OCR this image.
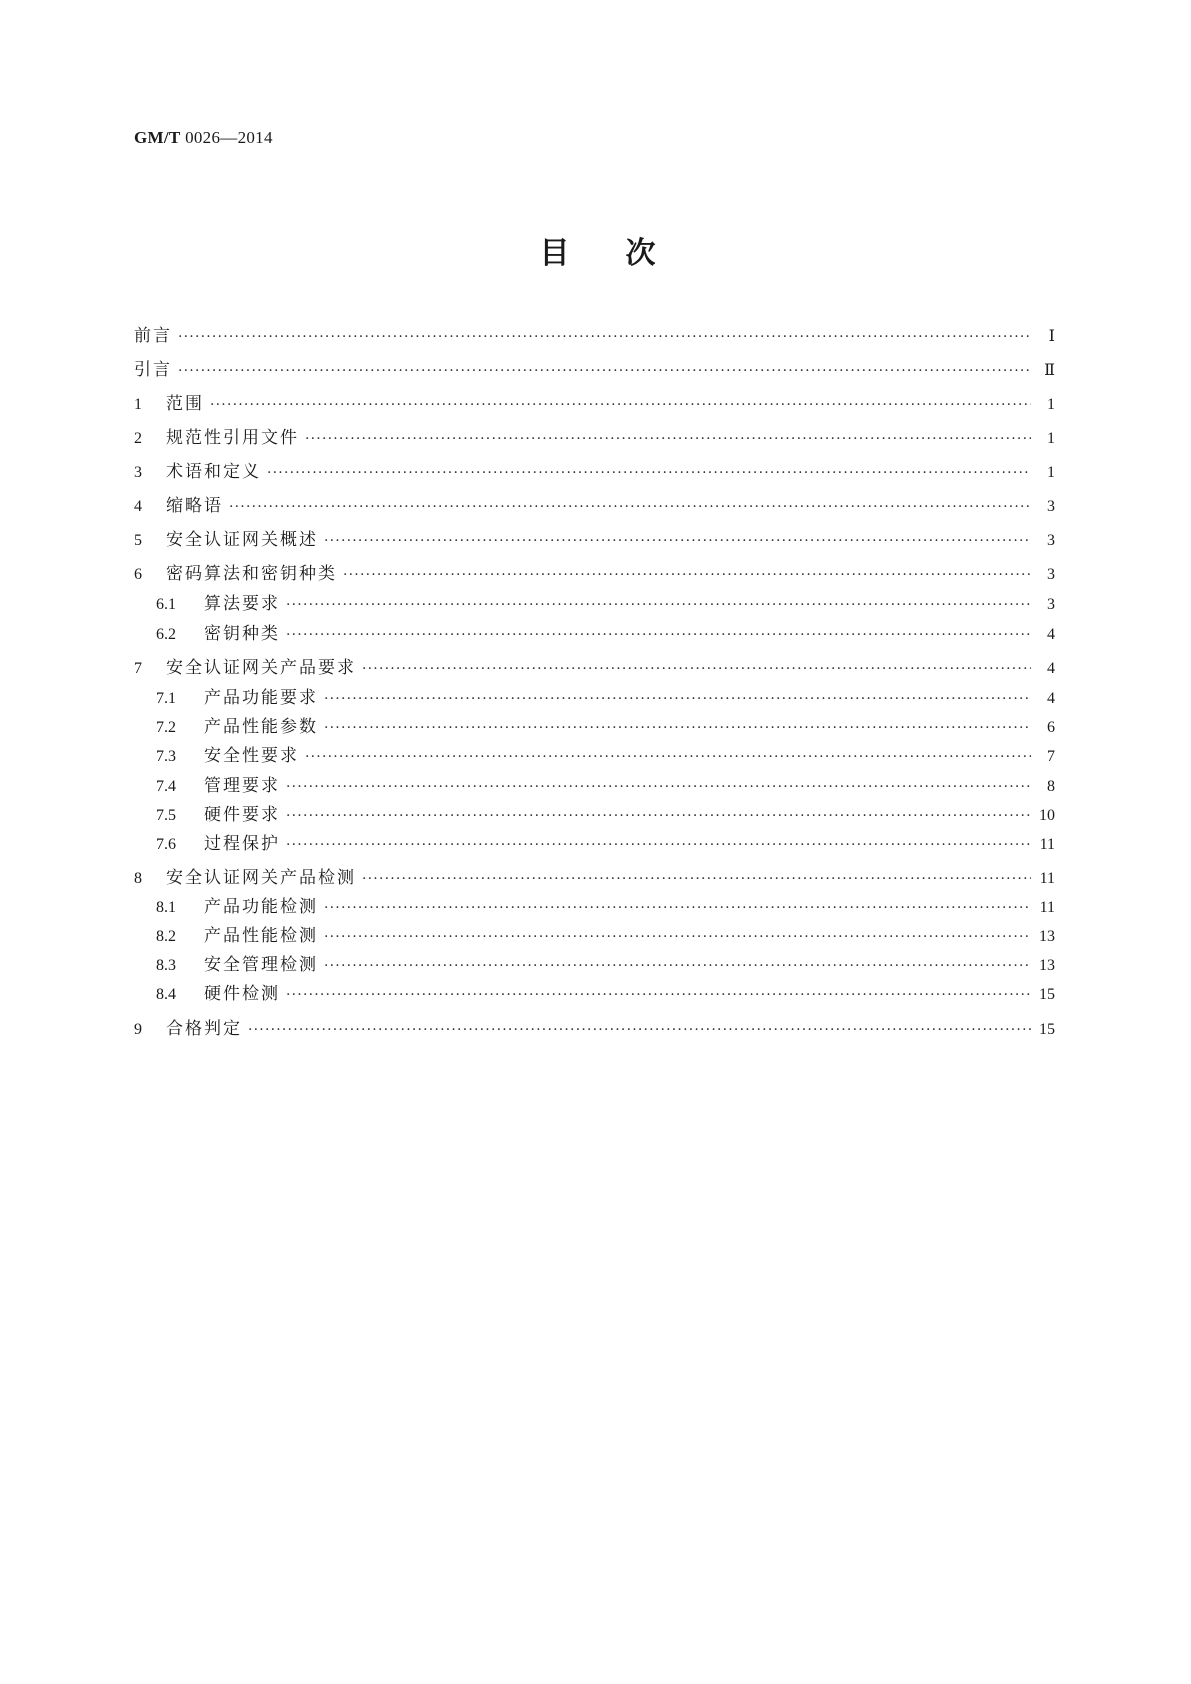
GM/T 0026—2014
目次
前言 ·····	Ⅰ
引言 ·····	Ⅱ
1	范围 ·····	1
2	规范性引用文件 ·····	1
3	术语和定义 ·····	1
4	缩略语 ·····	3
5	安全认证网关概述 ·····	3
6	密码算法和密钥种类 ·····	3
6.1	算法要求 ·····	3
6.2	密钥种类 ·····	4
7	安全认证网关产品要求 ·····	4
7.1	产品功能要求 ·····	4
7.2	产品性能参数 ·····	6
7.3	安全性要求 ·····	7
7.4	管理要求 ·····	8
7.5	硬件要求 ·····	10
7.6	过程保护 ·····	11
8	安全认证网关产品检测 ·····	11
8.1	产品功能检测 ·····	11
8.2	产品性能检测 ·····	13
8.3	安全管理检测 ·····	13
8.4	硬件检测 ·····	15
9	合格判定 ·····	15
